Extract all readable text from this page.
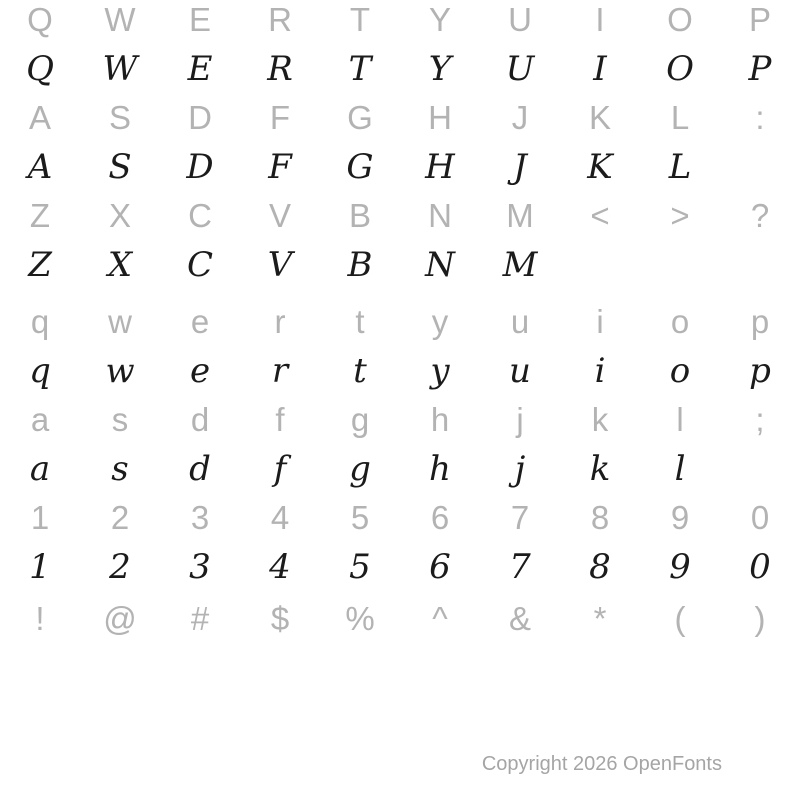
Q	W	E	R	T	Y	U	I	O	P
Q	W	E	R	T	Y	U	I	O	P
A	S	D	F	G	H	J	K	L	:
A	S	D	F	G	H	J	K	L
Z	X	C	V	B	N	M	<	>	?
Z	X	C	V	B	N	M
q	w	e	r	t	y	u	i	o	p
q	w	e	r	t	y	u	i	o	p
a	s	d	f	g	h	j	k	l	;
a	s	d	f	g	h	j	k	l
1	2	3	4	5	6	7	8	9	0
1	2	3	4	5	6	7	8	9	0
!	@	#	$	%	^	&	*	(	)
Copyright 2026 OpenFonts
